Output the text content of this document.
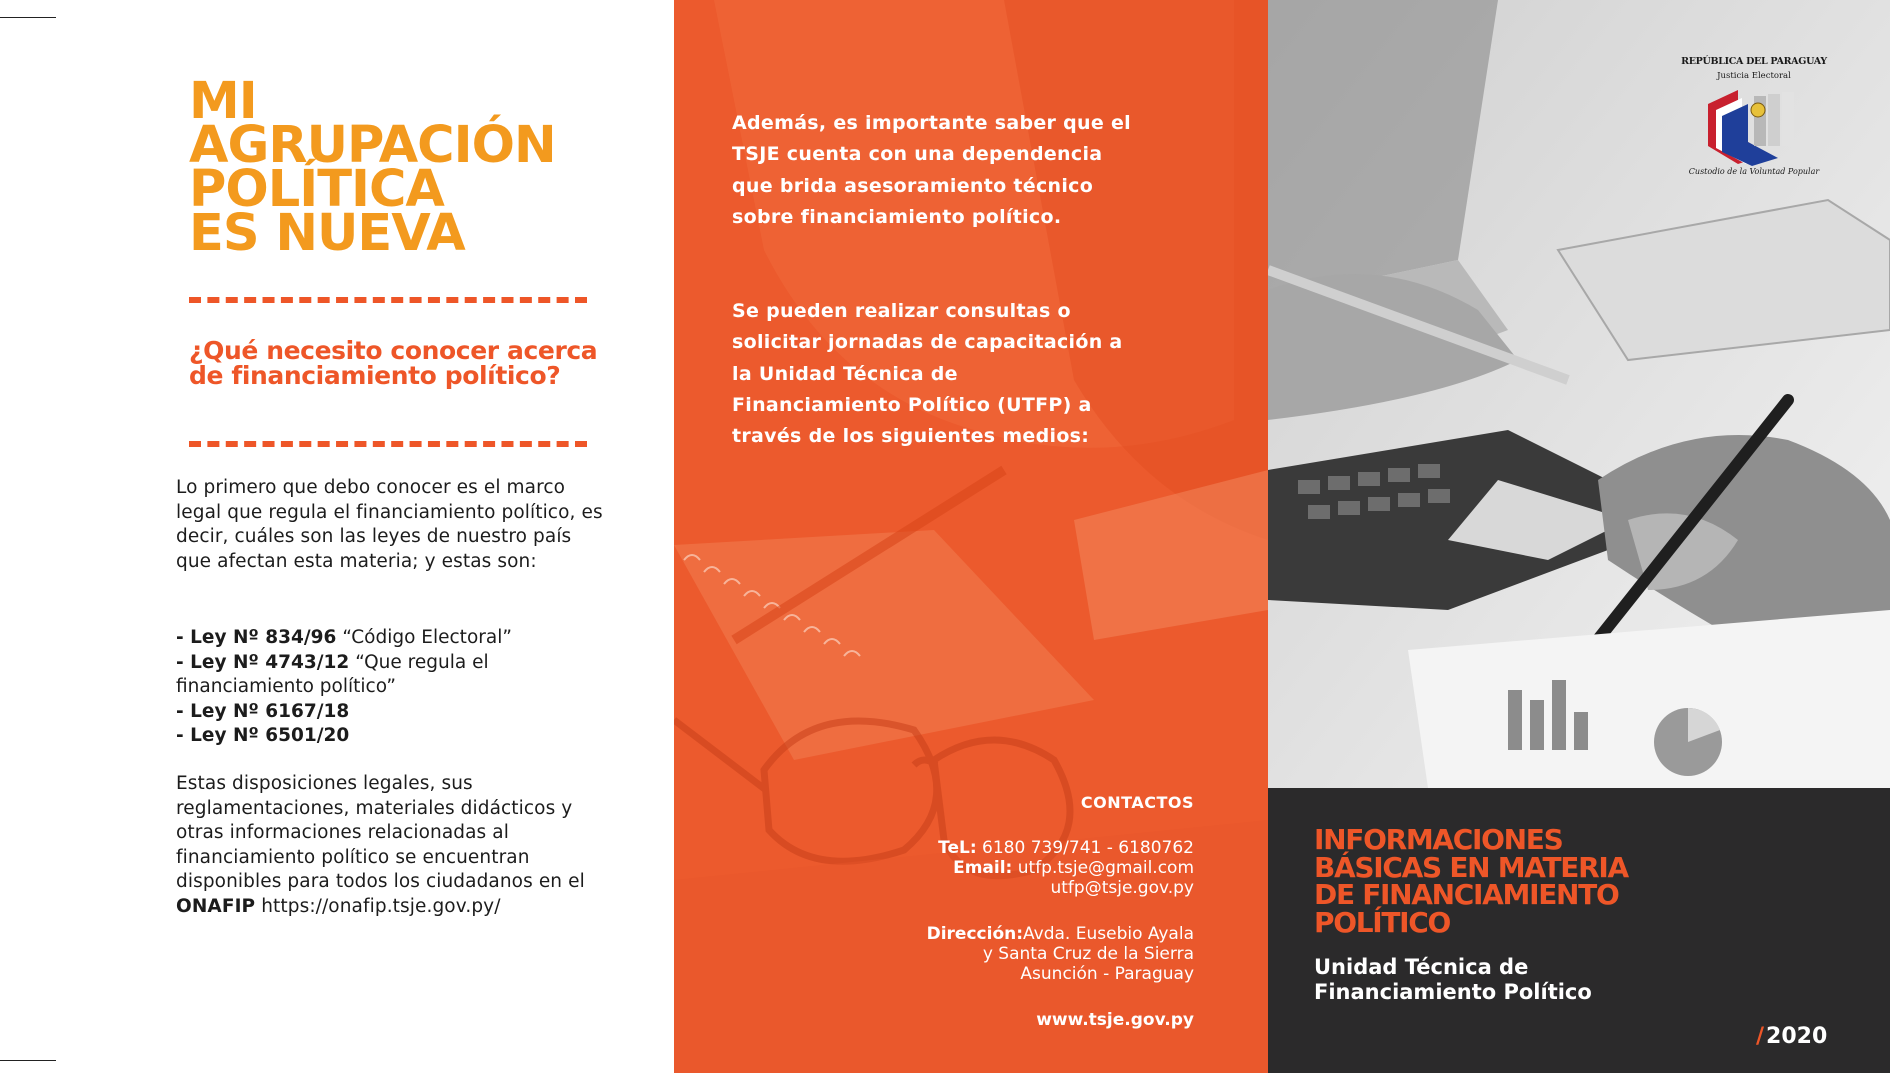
MI
AGRUPACIÓN
POLÍTICA
ES NUEVA
¿Qué necesito conocer acerca de financiamiento político?

Lo primero que debo conocer es el marco legal que regula el financiamiento político, es decir, cuáles son las leyes de nuestro país que afectan esta materia; y estas son:

- Ley Nº 834/96 “Código Electoral”
- Ley Nº 4743/12 “Que regula el financiamiento político”
- Ley Nº 6167/18
- Ley Nº 6501/20

Estas disposiciones legales, sus reglamentaciones, materiales didácticos y otras informaciones relacionadas al financiamiento político se encuentran disponibles para todos los ciudadanos en el ONAFIP https://onafip.tsje.gov.py/

Además, es importante saber que el TSJE cuenta con una dependencia que brida asesoramiento técnico sobre financiamiento político.

Se pueden realizar consultas o solicitar jornadas de capacitación a la Unidad Técnica de Financiamiento Político (UTFP) a través de los siguientes medios:

CONTACTOS

TeL: 6180 739/741 - 6180762
Email: utfp.tsje@gmail.com
utfp@tsje.gov.py
Dirección:Avda. Eusebio Ayala
y Santa Cruz de la Sierra
Asunción - Paraguay
www.tsje.gov.py
REPÚBLICA DEL PARAGUAY
Justicia Electoral
Custodio de la Voluntad Popular
INFORMACIONES
BÁSICAS EN MATERIA
DE FINANCIAMIENTO
POLÍTICO

Unidad Técnica de
Financiamiento Político

/2020
